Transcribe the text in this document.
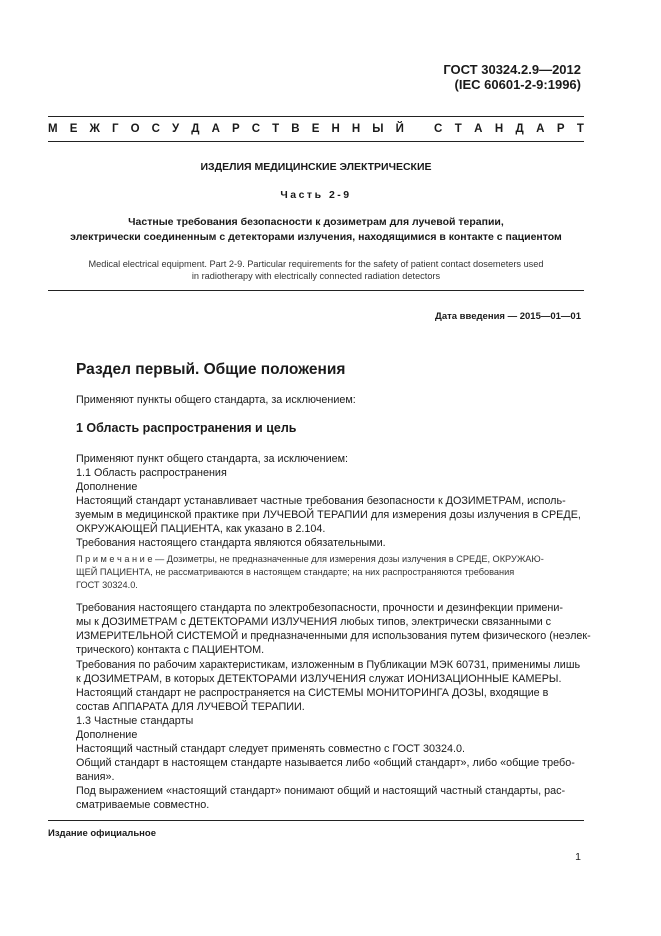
ГОСТ 30324.2.9—2012
(IEC 60601-2-9:1996)
М Е Ж Г О С У Д А Р С Т В Е Н Н Ы Й	С Т А Н Д А Р Т
ИЗДЕЛИЯ МЕДИЦИНСКИЕ ЭЛЕКТРИЧЕСКИЕ
Часть 2-9
Частные требования безопасности к дозиметрам для лучевой терапии,
электрически соединенным с детекторами излучения, находящимися в контакте с пациентом
Medical electrical equipment. Part 2-9. Particular requirements for the safety of patient contact dosemeters used
in radiotherapy with electrically connected radiation detectors
Дата введения — 2015—01—01
Раздел первый. Общие положения
Применяют пункты общего стандарта, за исключением:
1 Область распространения и цель
Применяют пункт общего стандарта, за исключением:
1.1 Область распространения
Дополнение
Настоящий стандарт устанавливает частные требования безопасности к ДОЗИМЕТРАМ, исполь-
зуемым в медицинской практике при ЛУЧЕВОЙ ТЕРАПИИ для измерения дозы излучения в СРЕДЕ,
ОКРУЖАЮЩЕЙ ПАЦИЕНТА, как указано в 2.104.
Требования настоящего стандарта являются обязательными.
П р и м е ч а н и е — Дозиметры, не предназначенные для измерения дозы излучения в СРЕДЕ, ОКРУЖАЮ-
ЩЕЙ ПАЦИЕНТА, не рассматриваются в настоящем стандарте; на них распространяются требования
ГОСТ 30324.0.
Требования настоящего стандарта по электробезопасности, прочности и дезинфекции примени-
мы к ДОЗИМЕТРАМ с ДЕТЕКТОРАМИ ИЗЛУЧЕНИЯ любых типов, электрически связанными с
ИЗМЕРИТЕЛЬНОЙ СИСТЕМОЙ и предназначенными для использования путем физического (неэлек-
трического) контакта с ПАЦИЕНТОМ.
Требования по рабочим характеристикам, изложенным в Публикации МЭК 60731, применимы лишь
к ДОЗИМЕТРАМ, в которых ДЕТЕКТОРАМИ ИЗЛУЧЕНИЯ служат ИОНИЗАЦИОННЫЕ КАМЕРЫ.
Настоящий стандарт не распространяется на СИСТЕМЫ МОНИТОРИНГА ДОЗЫ, входящие в
состав АППАРАТА ДЛЯ ЛУЧЕВОЙ ТЕРАПИИ.
1.3 Частные стандарты
Дополнение
Настоящий частный стандарт следует применять совместно с ГОСТ 30324.0.
Общий стандарт в настоящем стандарте называется либо «общий стандарт», либо «общие требо-
вания».
Под выражением «настоящий стандарт» понимают общий и настоящий частный стандарты, рас-
сматриваемые совместно.
Издание официальное
1
